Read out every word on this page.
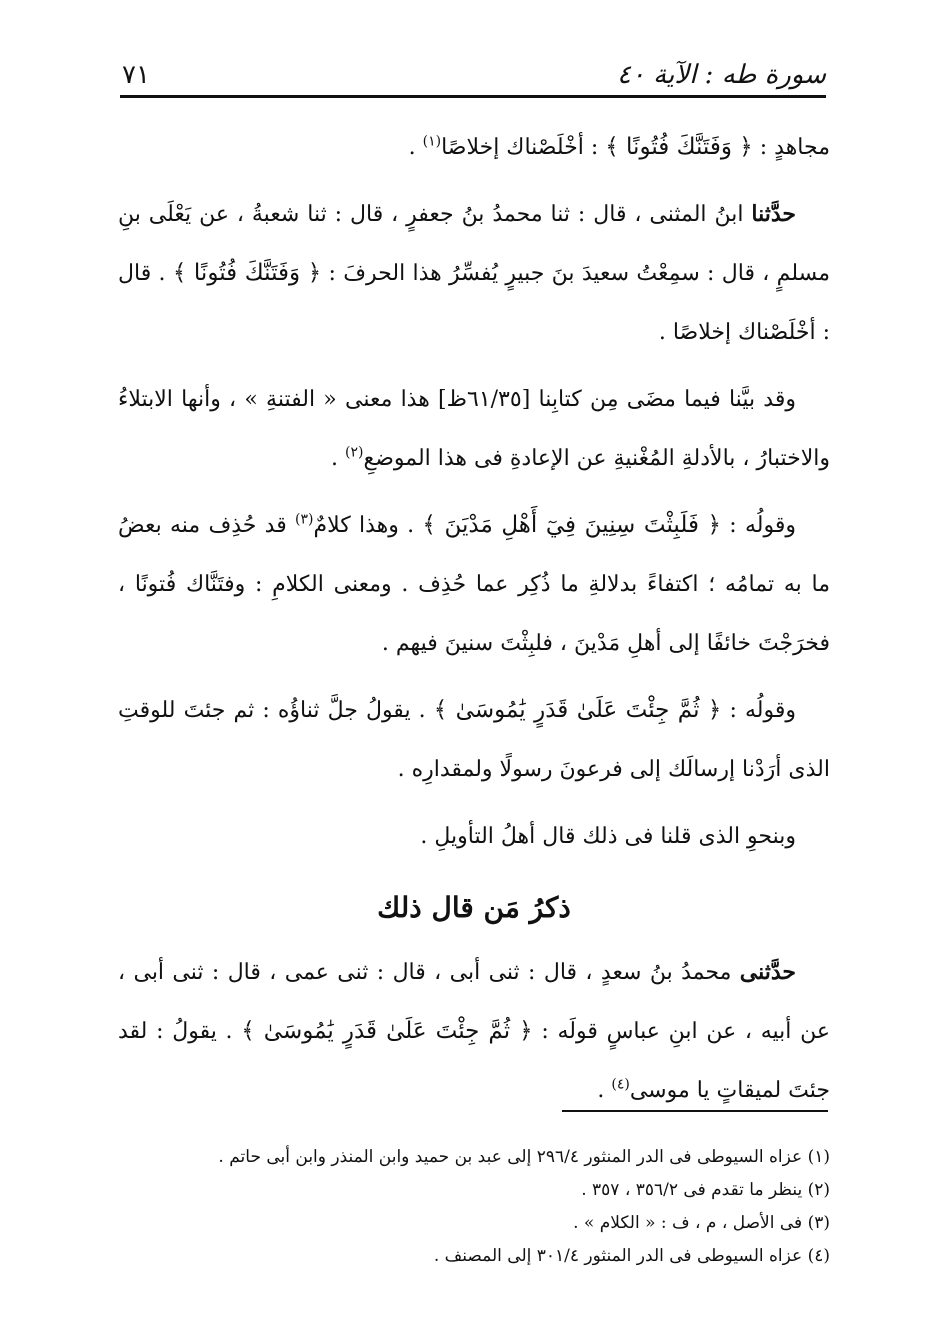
سورة طه : الآية ٤٠
٧١

مجاهدٍ : ﴿ وَفَتَنَّكَ فُتُونًا ﴾ : أخْلَصْناك إخلاصًا$^{(١)}$ .

حدَّثنا ابنُ المثنى ، قال : ثنا محمدُ بنُ جعفرٍ ، قال : ثنا شعبةُ ، عن يَعْلَى بنِ مسلمٍ ، قال : سمِعْتُ سعيدَ بنَ جبيرٍ يُفسِّرُ هذا الحرفَ : ﴿ وَفَتَنَّكَ فُتُونًا ﴾ . قال : أخْلَصْناك إخلاصًا .

وقد بيَّنا فيما مضَى مِن كتابِنا [٦١/٣٥ظ] هذا معنى « الفتنةِ » ، وأنها الابتلاءُ والاختبارُ ، بالأدلةِ المُغْنيةِ عن الإعادةِ فى هذا الموضعِ$^{(٢)}$ .

وقولُه : ﴿ فَلَبِثْتَ سِنِينَ فِيٓ أَهْلِ مَدْيَنَ ﴾ . وهذا كلامٌ$^{(٣)}$ قد حُذِف منه بعضُ ما به تمامُه ؛ اكتفاءً بدلالةِ ما ذُكِر عما حُذِف . ومعنى الكلامِ : وفتَنَّاك فُتونًا ، فخرَجْتَ خائفًا إلى أهلِ مَدْينَ ، فلبِثْتَ سنينَ فيهم .

وقولُه : ﴿ ثُمَّ جِئْتَ عَلَىٰ قَدَرٍ يَٰمُوسَىٰ ﴾ . يقولُ جلَّ ثناؤُه : ثم جئتَ للوقتِ الذى أرَدْنا إرسالَك إلى فرعونَ رسولًا ولمقدارِه .

وبنحوِ الذى قلنا فى ذلك قال أهلُ التأويلِ .

ذكرُ مَن قال ذلك

حدَّثنى محمدُ بنُ سعدٍ ، قال : ثنى أبى ، قال : ثنى عمى ، قال : ثنى أبى ، عن أبيه ، عن ابنِ عباسٍ قولَه : ﴿ ثُمَّ جِئْتَ عَلَىٰ قَدَرٍ يَٰمُوسَىٰ ﴾ . يقولُ : لقد جئتَ لميقاتٍ يا موسى$^{(٤)}$ .

(١) عزاه السيوطى فى الدر المنثور ٢٩٦/٤ إلى عبد بن حميد وابن المنذر وابن أبى حاتم .

(٢) ينظر ما تقدم فى ٣٥٦/٢ ، ٣٥٧ .

(٣) فى الأصل ، م ، ف : « الكلام » .

(٤) عزاه السيوطى فى الدر المنثور ٣٠١/٤ إلى المصنف .
